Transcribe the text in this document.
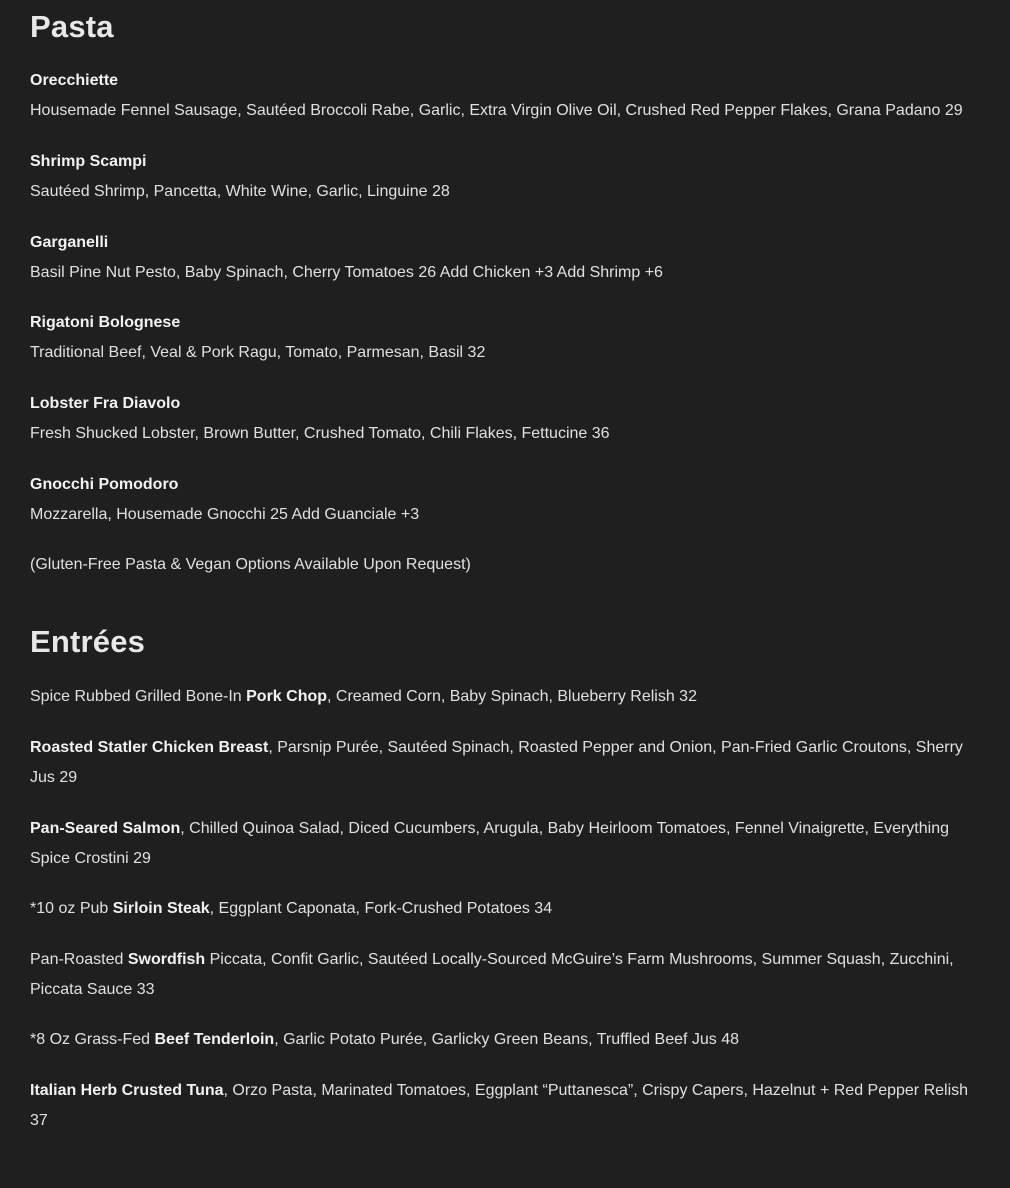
Pasta
Orecchiette
Housemade Fennel Sausage, Sautéed Broccoli Rabe, Garlic, Extra Virgin Olive Oil, Crushed Red Pepper Flakes, Grana Padano 29
Shrimp Scampi
Sautéed Shrimp, Pancetta, White Wine, Garlic, Linguine 28
Garganelli
Basil Pine Nut Pesto, Baby Spinach, Cherry Tomatoes 26 Add Chicken +3 Add Shrimp +6
Rigatoni Bolognese
Traditional Beef, Veal & Pork Ragu, Tomato, Parmesan, Basil 32
Lobster Fra Diavolo
Fresh Shucked Lobster, Brown Butter, Crushed Tomato, Chili Flakes, Fettucine 36
Gnocchi Pomodoro
Mozzarella, Housemade Gnocchi 25 Add Guanciale +3
(Gluten-Free Pasta & Vegan Options Available Upon Request)
Entrées
Spice Rubbed Grilled Bone-In Pork Chop, Creamed Corn, Baby Spinach, Blueberry Relish 32
Roasted Statler Chicken Breast, Parsnip Purée, Sautéed Spinach, Roasted Pepper and Onion, Pan-Fried Garlic Croutons, Sherry Jus 29
Pan-Seared Salmon, Chilled Quinoa Salad, Diced Cucumbers, Arugula, Baby Heirloom Tomatoes, Fennel Vinaigrette, Everything Spice Crostini 29
*10 oz Pub Sirloin Steak, Eggplant Caponata, Fork-Crushed Potatoes 34
Pan-Roasted Swordfish Piccata, Confit Garlic, Sautéed Locally-Sourced McGuire’s Farm Mushrooms, Summer Squash, Zucchini, Piccata Sauce 33
*8 Oz Grass-Fed Beef Tenderloin, Garlic Potato Purée, Garlicky Green Beans, Truffled Beef Jus 48
Italian Herb Crusted Tuna, Orzo Pasta, Marinated Tomatoes, Eggplant “Puttanesca”, Crispy Capers, Hazelnut + Red Pepper Relish 37
